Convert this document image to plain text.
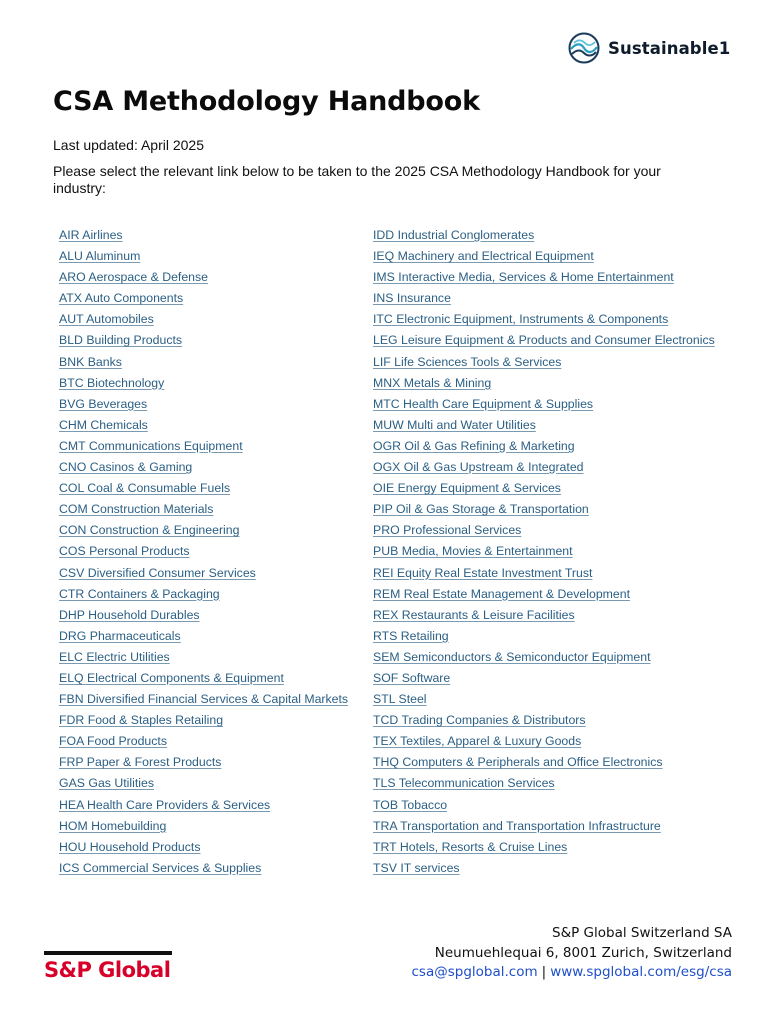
Sustainable1
CSA Methodology Handbook
Last updated: April 2025
Please select the relevant link below to be taken to the 2025 CSA Methodology Handbook for your industry:
AIR Airlines
ALU Aluminum
ARO Aerospace & Defense
ATX Auto Components
AUT Automobiles
BLD Building Products
BNK Banks
BTC Biotechnology
BVG Beverages
CHM Chemicals
CMT Communications Equipment
CNO Casinos & Gaming
COL Coal & Consumable Fuels
COM Construction Materials
CON Construction & Engineering
COS Personal Products
CSV Diversified Consumer Services
CTR Containers & Packaging
DHP Household Durables
DRG Pharmaceuticals
ELC Electric Utilities
ELQ Electrical Components & Equipment
FBN Diversified Financial Services & Capital Markets
FDR Food & Staples Retailing
FOA Food Products
FRP Paper & Forest Products
GAS Gas Utilities
HEA Health Care Providers & Services
HOM Homebuilding
HOU Household Products
ICS Commercial Services & Supplies
IDD Industrial Conglomerates
IEQ Machinery and Electrical Equipment
IMS Interactive Media, Services & Home Entertainment
INS Insurance
ITC Electronic Equipment, Instruments & Components
LEG Leisure Equipment & Products and Consumer Electronics
LIF Life Sciences Tools & Services
MNX Metals & Mining
MTC Health Care Equipment & Supplies
MUW Multi and Water Utilities
OGR Oil & Gas Refining & Marketing
OGX Oil & Gas Upstream & Integrated
OIE Energy Equipment & Services
PIP Oil & Gas Storage & Transportation
PRO Professional Services
PUB Media, Movies & Entertainment
REI Equity Real Estate Investment Trust
REM Real Estate Management & Development
REX Restaurants & Leisure Facilities
RTS Retailing
SEM Semiconductors & Semiconductor Equipment
SOF Software
STL Steel
TCD Trading Companies & Distributors
TEX Textiles, Apparel & Luxury Goods
THQ Computers & Peripherals and Office Electronics
TLS Telecommunication Services
TOB Tobacco
TRA Transportation and Transportation Infrastructure
TRT Hotels, Resorts & Cruise Lines
TSV IT services
S&P Global
S&P Global Switzerland SA
Neumuehlequai 6, 8001 Zurich, Switzerland
csa@spglobal.com | www.spglobal.com/esg/csa
